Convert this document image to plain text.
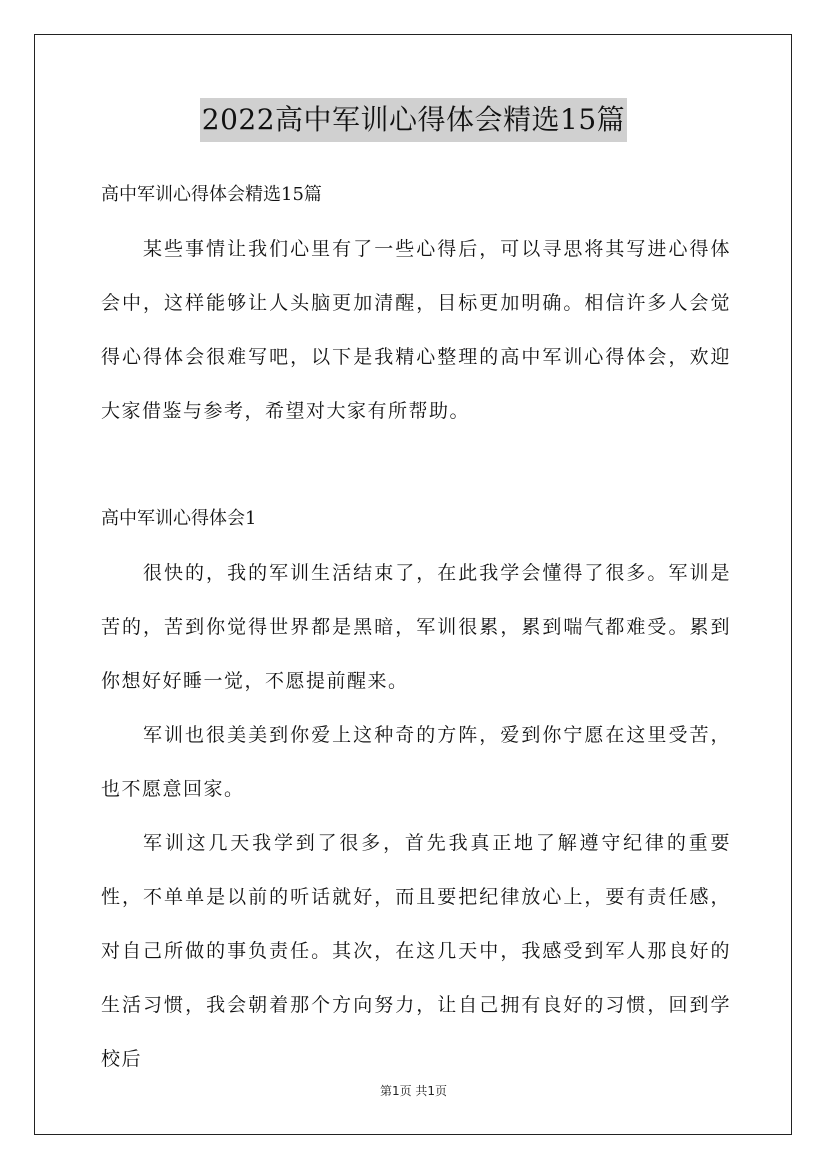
2022高中军训心得体会精选15篇

高中军训心得体会精选15篇

某些事情让我们心里有了一些心得后，可以寻思将其写进心得体会中，这样能够让人头脑更加清醒，目标更加明确。相信许多人会觉得心得体会很难写吧，以下是我精心整理的高中军训心得体会，欢迎大家借鉴与参考，希望对大家有所帮助。

高中军训心得体会1

很快的，我的军训生活结束了，在此我学会懂得了很多。军训是苦的，苦到你觉得世界都是黑暗，军训很累，累到喘气都难受。累到你想好好睡一觉，不愿提前醒来。

军训也很美美到你爱上这种奇的方阵，爱到你宁愿在这里受苦，也不愿意回家。

军训这几天我学到了很多，首先我真正地了解遵守纪律的重要性，不单单是以前的听话就好，而且要把纪律放心上，要有责任感，对自己所做的事负责任。其次，在这几天中，我感受到军人那良好的生活习惯，我会朝着那个方向努力，让自己拥有良好的习惯，回到学校后

第1页 共1页
